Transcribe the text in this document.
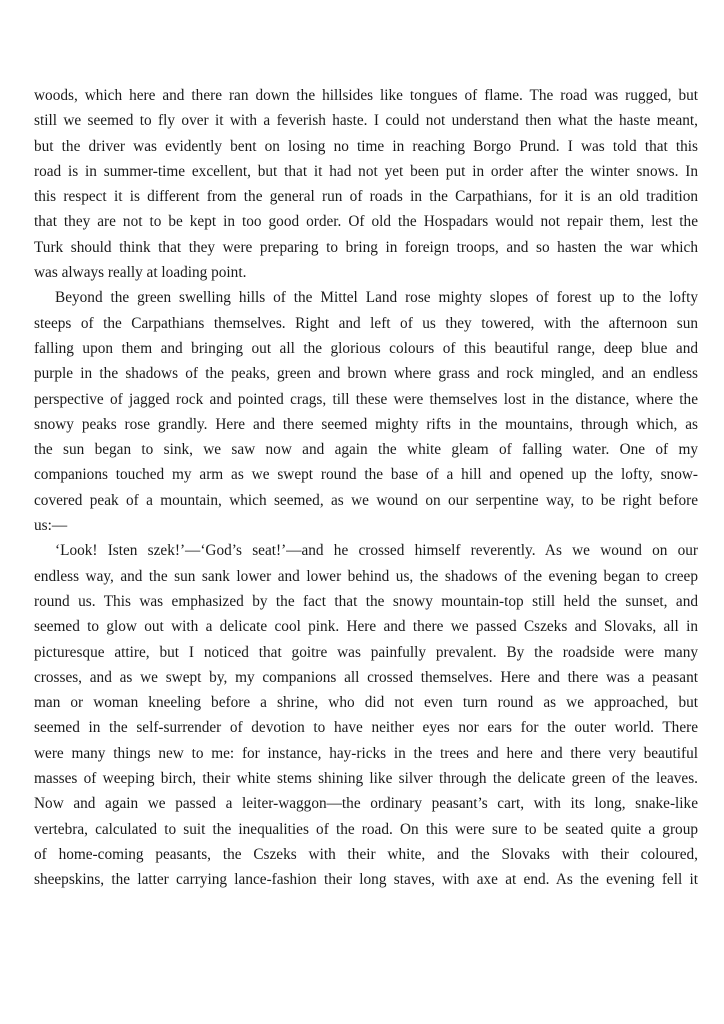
woods, which here and there ran down the hillsides like tongues of flame. The road was rugged, but
still we seemed to fly over it with a feverish haste. I could not understand then what the haste meant,
but the driver was evidently bent on losing no time in reaching Borgo Prund. I was told that this
road is in summer-time excellent, but that it had not yet been put in order after the winter snows. In
this respect it is different from the general run of roads in the Carpathians, for it is an old tradition
that they are not to be kept in too good order. Of old the Hospadars would not repair them, lest the
Turk should think that they were preparing to bring in foreign troops, and so hasten the war which
was always really at loading point.
Beyond the green swelling hills of the Mittel Land rose mighty slopes of forest up to the lofty
steeps of the Carpathians themselves. Right and left of us they towered, with the afternoon sun
falling upon them and bringing out all the glorious colours of this beautiful range, deep blue and
purple in the shadows of the peaks, green and brown where grass and rock mingled, and an endless
perspective of jagged rock and pointed crags, till these were themselves lost in the distance, where the
snowy peaks rose grandly. Here and there seemed mighty rifts in the mountains, through which, as
the sun began to sink, we saw now and again the white gleam of falling water. One of my
companions touched my arm as we swept round the base of a hill and opened up the lofty, snow-
covered peak of a mountain, which seemed, as we wound on our serpentine way, to be right before
us:—
‘Look! Isten szek!’—‘God’s seat!’—and he crossed himself reverently. As we wound on our
endless way, and the sun sank lower and lower behind us, the shadows of the evening began to creep
round us. This was emphasized by the fact that the snowy mountain-top still held the sunset, and
seemed to glow out with a delicate cool pink. Here and there we passed Cszeks and Slovaks, all in
picturesque attire, but I noticed that goitre was painfully prevalent. By the roadside were many
crosses, and as we swept by, my companions all crossed themselves. Here and there was a peasant
man or woman kneeling before a shrine, who did not even turn round as we approached, but
seemed in the self-surrender of devotion to have neither eyes nor ears for the outer world. There
were many things new to me: for instance, hay-ricks in the trees and here and there very beautiful
masses of weeping birch, their white stems shining like silver through the delicate green of the leaves.
Now and again we passed a leiter-waggon—the ordinary peasant’s cart, with its long, snake-like
vertebra, calculated to suit the inequalities of the road. On this were sure to be seated quite a group
of home-coming peasants, the Cszeks with their white, and the Slovaks with their coloured,
sheepskins, the latter carrying lance-fashion their long staves, with axe at end. As the evening fell it
